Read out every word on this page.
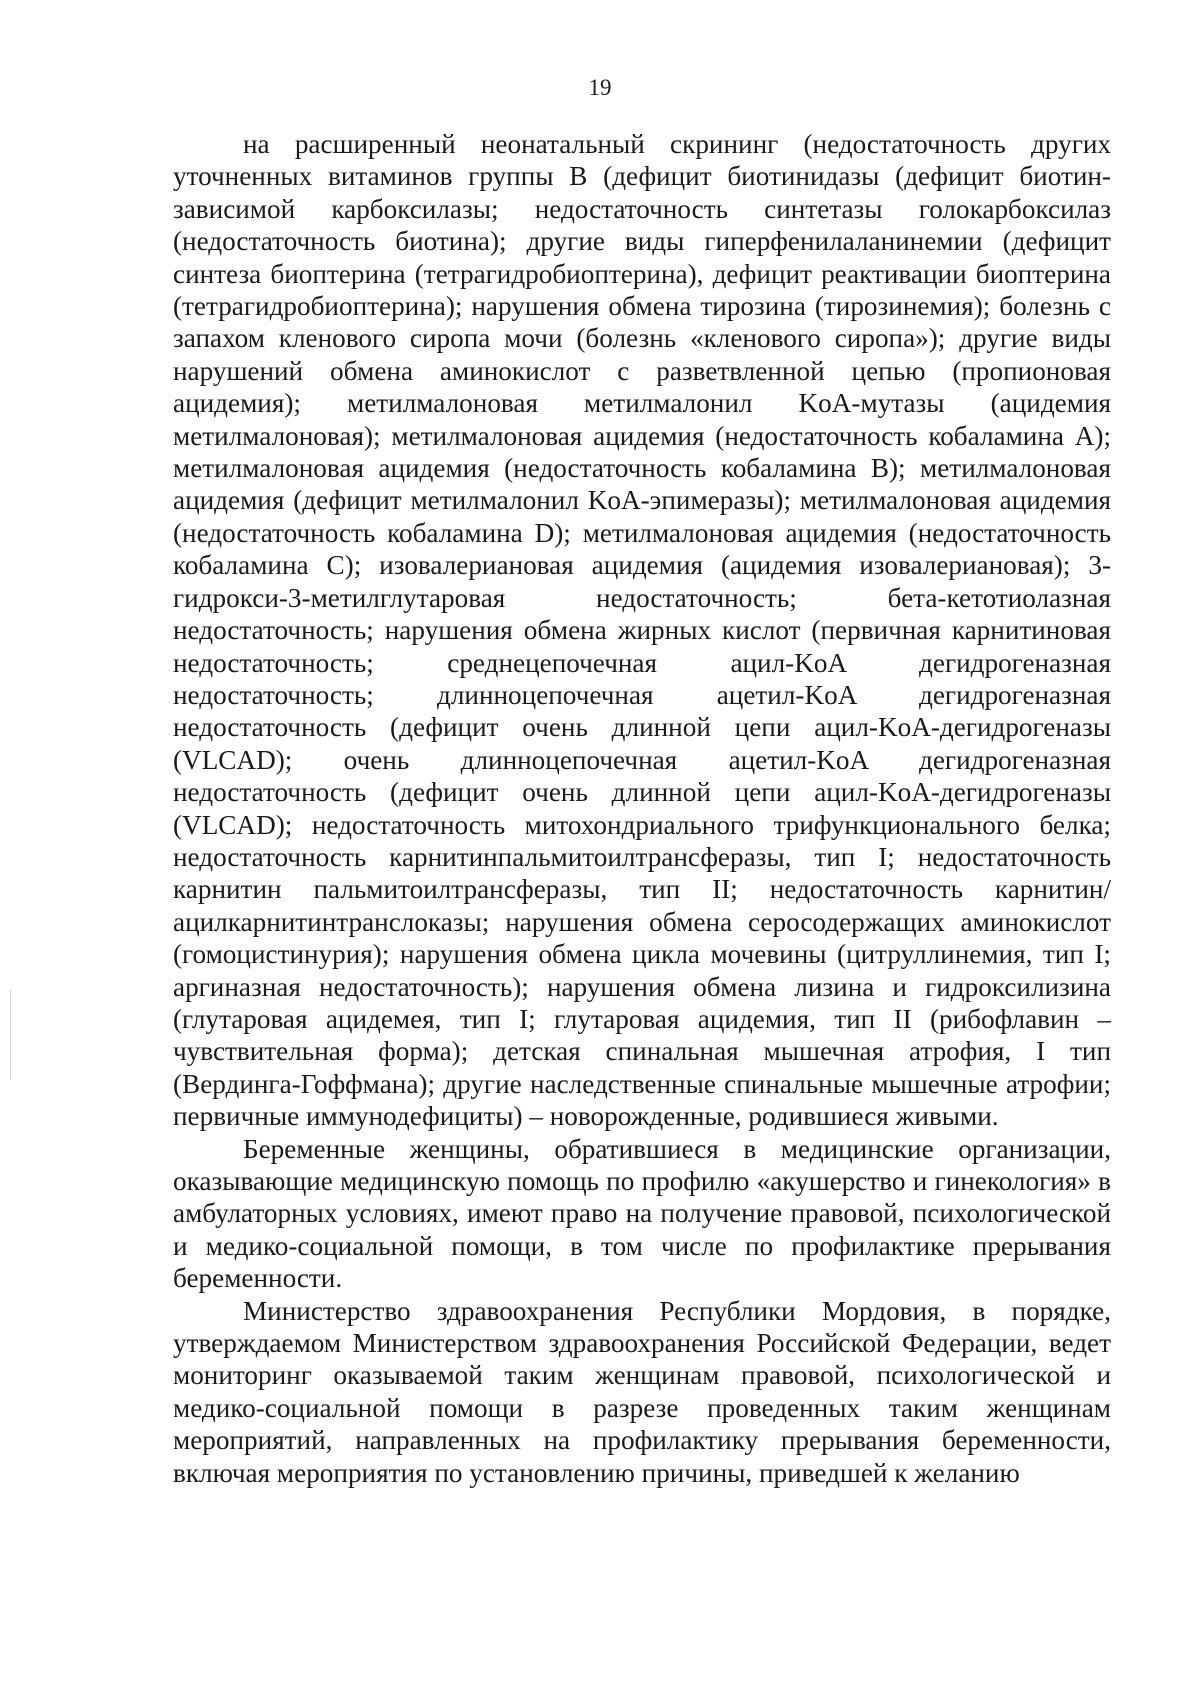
19

на расширенный неонатальный скрининг (недостаточность других уточненных витаминов группы В (дефицит биотинидазы (дефицит биотин-зависимой карбоксилазы; недостаточность синтетазы голокарбоксилаз (недостаточность биотина); другие виды гиперфенилаланинемии (дефицит синтеза биоптерина (тетрагидробиоптерина), дефицит реактивации биоптерина (тетрагидробиоптерина); нарушения обмена тирозина (тирозинемия); болезнь с запахом кленового сиропа мочи (болезнь «кленового сиропа»); другие виды нарушений обмена аминокислот с разветвленной цепью (пропионовая ацидемия); метилмалоновая метилмалонил KoA-мутазы (ацидемия метилмалоновая); метилмалоновая ацидемия (недостаточность кобаламина А); метилмалоновая ацидемия (недостаточность кобаламина В); метилмалоновая ацидемия (дефицит метилмалонил KoA-эпимеразы); метилмалоновая ацидемия (недостаточность кобаламина D); метилмалоновая ацидемия (недостаточность кобаламина С); изовалериановая ацидемия (ацидемия изовалериановая); 3-гидрокси-3-метилглутаровая недостаточность; бета-кетотиолазная недостаточность; нарушения обмена жирных кислот (первичная карнитиновая недостаточность; среднецепочечная ацил-KoA дегидрогеназная недостаточность; длинноцепочечная ацетил-KoA дегидрогеназная недостаточность (дефицит очень длинной цепи ацил-KoA-дегидрогеназы (VLCAD); очень длинноцепочечная ацетил-KoA дегидрогеназная недостаточность (дефицит очень длинной цепи ацил-KoA-дегидрогеназы (VLCAD); недостаточность митохондриального трифункционального белка; недостаточность карнитинпальмитоилтрансферазы, тип I; недостаточность карнитин пальмитоилтрансферазы, тип II; недостаточность карнитин/ацилкарнитинтранслоказы; нарушения обмена серосодержащих аминокислот (гомоцистинурия); нарушения обмена цикла мочевины (цитруллинемия, тип I; аргиназная недостаточность); нарушения обмена лизина и гидроксилизина (глутаровая ацидемея, тип I; глутаровая ацидемия, тип II (рибофлавин – чувствительная форма); детская спинальная мышечная атрофия, I тип (Вердинга-Гоффмана); другие наследственные спинальные мышечные атрофии; первичные иммунодефициты) – новорожденные, родившиеся живыми.

Беременные женщины, обратившиеся в медицинские организации, оказывающие медицинскую помощь по профилю «акушерство и гинекология» в амбулаторных условиях, имеют право на получение правовой, психологической и медико-социальной помощи, в том числе по профилактике прерывания беременности.

Министерство здравоохранения Республики Мордовия, в порядке, утверждаемом Министерством здравоохранения Российской Федерации, ведет мониторинг оказываемой таким женщинам правовой, психологической и медико-социальной помощи в разрезе проведенных таким женщинам мероприятий, направленных на профилактику прерывания беременности, включая мероприятия по установлению причины, приведшей к желанию
